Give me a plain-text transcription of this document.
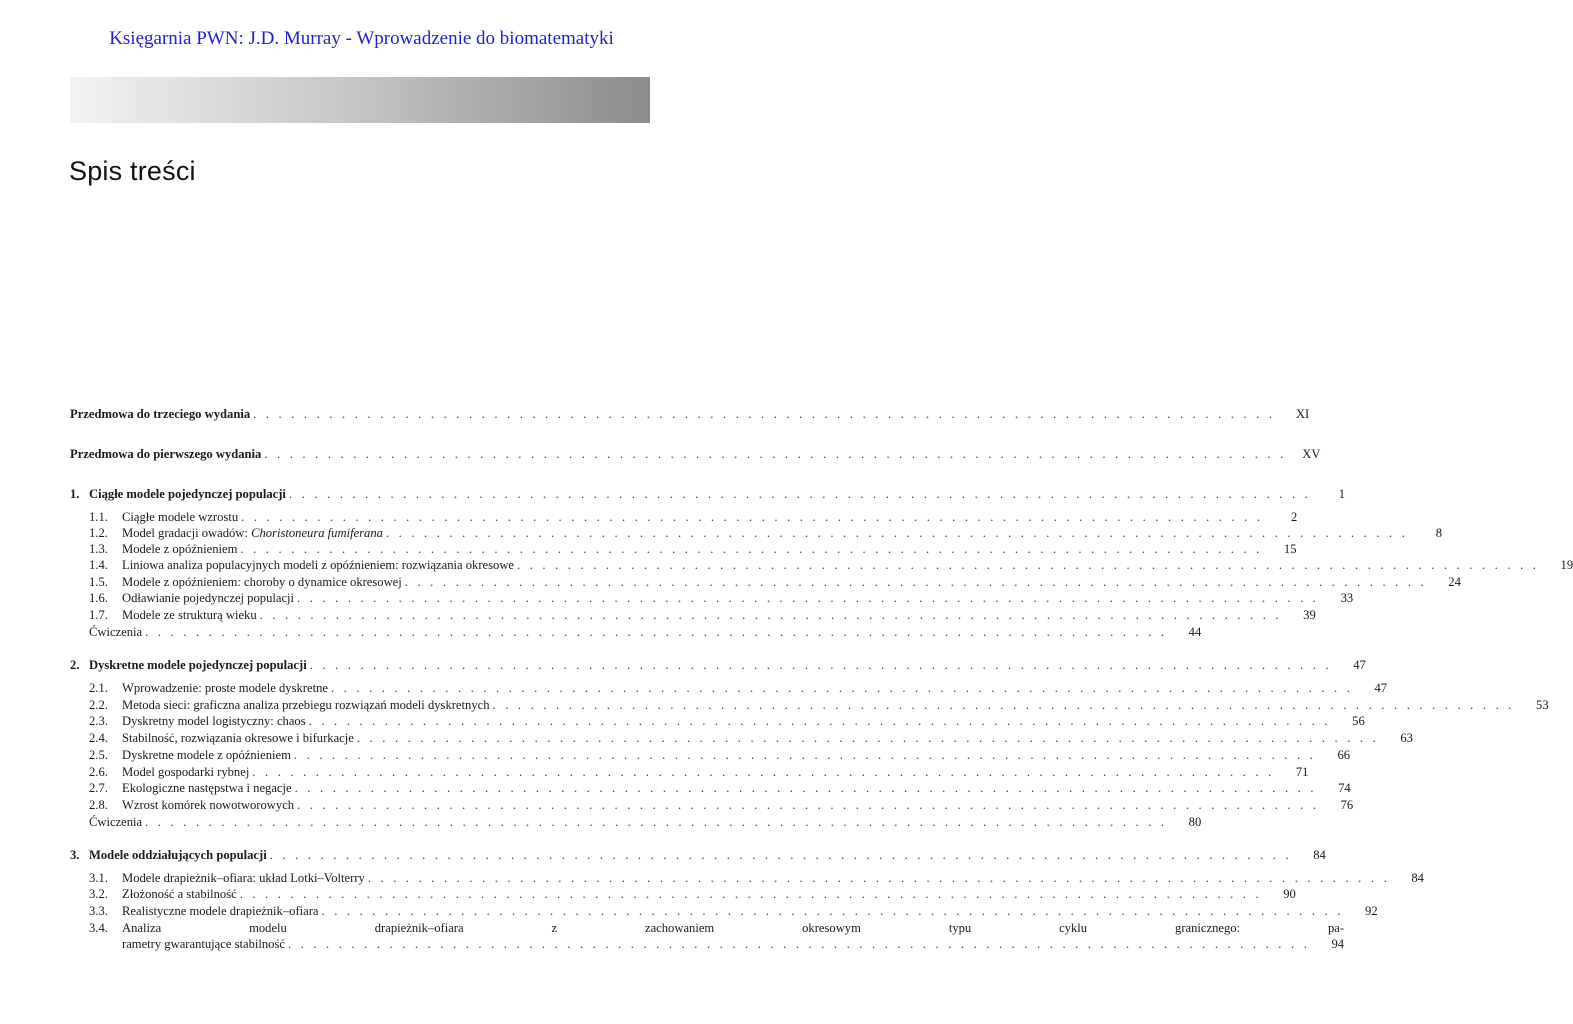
Księgarnia PWN: J.D. Murray - Wprowadzenie do biomatematyki
Spis treści
Przedmowa do trzeciego wydania . . .	XI
Przedmowa do pierwszego wydania . . .	XV
1. Ciągłe modele pojedynczej populacji . . .	1
1.1.	Ciągłe modele wzrostu . . .	2
1.2.	Model gradacji owadów: Choristoneura fumiferana . . .	8
1.3.	Modele z opóźnieniem . . .	15
1.4.	Liniowa analiza populacyjnych modeli z opóźnieniem: rozwiązania okresowe . . .	19
1.5.	Modele z opóźnieniem: choroby o dynamice okresowej . . .	24
1.6.	Odławianie pojedynczej populacji . . .	33
1.7.	Modele ze strukturą wieku . . .	39
Ćwiczenia . . .	44
2. Dyskretne modele pojedynczej populacji . . .	47
2.1.	Wprowadzenie: proste modele dyskretne . . .	47
2.2.	Metoda sieci: graficzna analiza przebiegu rozwiązań modeli dyskretnych . . .	53
2.3.	Dyskretny model logistyczny: chaos . . .	56
2.4.	Stabilność, rozwiązania okresowe i bifurkacje . . .	63
2.5.	Dyskretne modele z opóźnieniem . . .	66
2.6.	Model gospodarki rybnej . . .	71
2.7.	Ekologiczne następstwa i negacje . . .	74
2.8.	Wzrost komórek nowotworowych . . .	76
Ćwiczenia . . .	80
3. Modele oddziałujących populacji . . .	84
3.1.	Modele drapieżnik–ofiara: układ Lotki–Volterry . . .	84
3.2.	Złożoność a stabilność . . .	90
3.3.	Realistyczne modele drapieżnik–ofiara . . .	92
3.4.	Analiza modelu drapieżnik–ofiara z zachowaniem okresowym typu cyklu granicznego: pa-
rametry gwarantujące stabilność . . .	94
